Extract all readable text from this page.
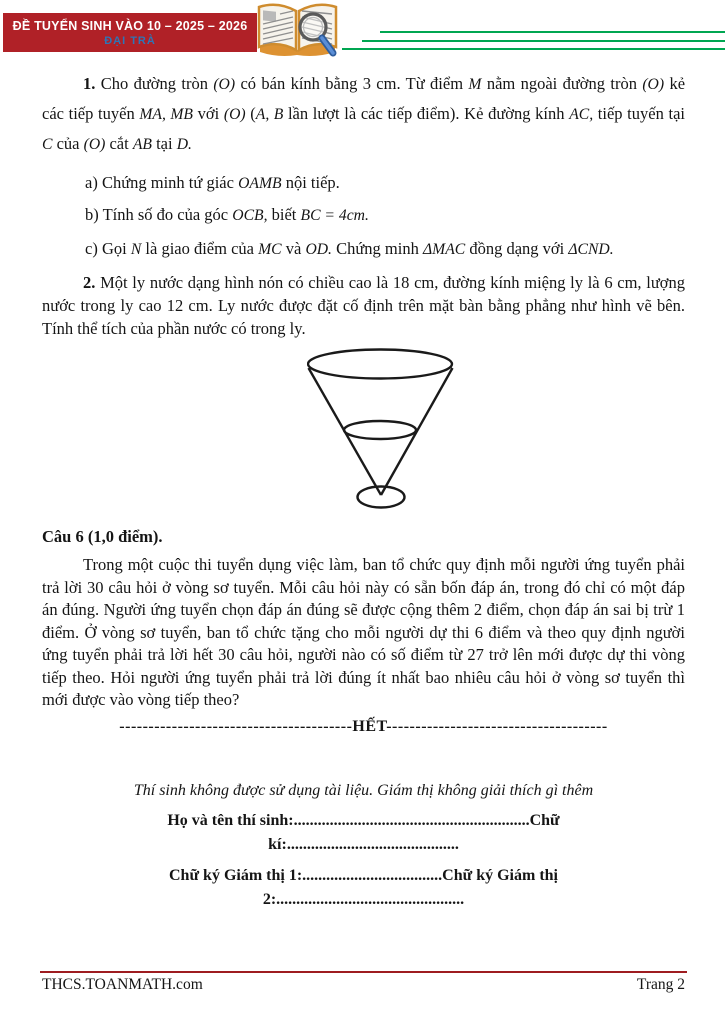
ĐỀ TUYỂN SINH VÀO 10 – 2025 – 2026
ĐẠI TRÀ

1. Cho đường tròn (O) có bán kính bằng 3 cm. Từ điểm M nằm ngoài đường tròn (O) kẻ các tiếp tuyến MA, MB với (O) (A, B lần lượt là các tiếp điểm). Kẻ đường kính AC, tiếp tuyến tại C của (O) cắt AB tại D.

a) Chứng minh tứ giác OAMB nội tiếp.

b) Tính số đo của góc OCB, biết BC = 4cm.

c) Gọi N là giao điểm của MC và OD. Chứng minh ΔMAC đồng dạng với ΔCND.

2. Một ly nước dạng hình nón có chiều cao là 18 cm, đường kính miệng ly là 6 cm, lượng nước trong ly cao 12 cm. Ly nước được đặt cố định trên mặt bàn bằng phẳng như hình vẽ bên. Tính thể tích của phần nước có trong ly.

Câu 6 (1,0 điểm).

Trong một cuộc thi tuyển dụng việc làm, ban tổ chức quy định mỗi người ứng tuyển phải trả lời 30 câu hỏi ở vòng sơ tuyển. Mỗi câu hỏi này có sẵn bốn đáp án, trong đó chỉ có một đáp án đúng. Người ứng tuyển chọn đáp án đúng sẽ được cộng thêm 2 điểm, chọn đáp án sai bị trừ 1 điểm. Ở vòng sơ tuyển, ban tổ chức tặng cho mỗi người dự thi 6 điểm và theo quy định người ứng tuyển phải trả lời hết 30 câu hỏi, người nào có số điểm từ 27 trở lên mới được dự thi vòng tiếp theo. Hỏi người ứng tuyển phải trả lời đúng ít nhất bao nhiêu câu hỏi ở vòng sơ tuyển thì mới được vào vòng tiếp theo?

----------------------------------------HẾT--------------------------------------

Thí sinh không được sử dụng tài liệu. Giám thị không giải thích gì thêm

Họ và tên thí sinh:...........................................................Chữ
kí:...........................................
Chữ ký Giám thị 1:...................................Chữ ký Giám thị
2:...............................................
THCS.TOANMATH.com	Trang 2
